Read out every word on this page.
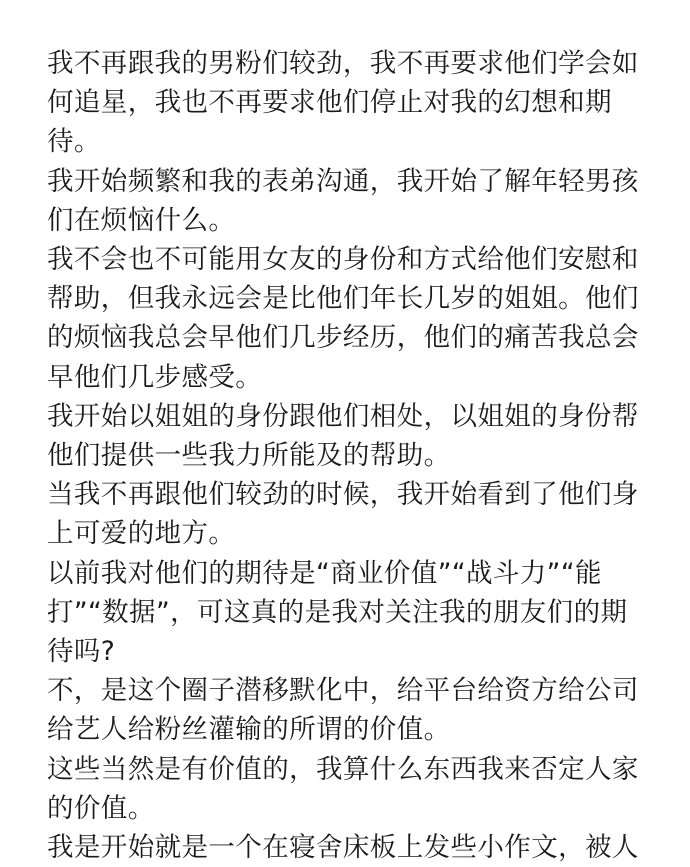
我不再跟我的男粉们较劲，我不再要求他们学会如
何追星，我也不再要求他们停止对我的幻想和期
待。

我开始频繁和我的表弟沟通，我开始了解年轻男孩
们在烦恼什么。

我不会也不可能用女友的身份和方式给他们安慰和
帮助，但我永远会是比他们年长几岁的姐姐。他们
的烦恼我总会早他们几步经历，他们的痛苦我总会
早他们几步感受。

我开始以姐姐的身份跟他们相处，以姐姐的身份帮
他们提供一些我力所能及的帮助。

当我不再跟他们较劲的时候，我开始看到了他们身
上可爱的地方。

以前我对他们的期待是“商业价值”“战斗力”“能
打”“数据”，可这真的是我对关注我的朋友们的期
待吗?

不，是这个圈子潜移默化中，给平台给资方给公司
给艺人给粉丝灌输的所谓的价值。

这些当然是有价值的，我算什么东西我来否定人家
的价值。

我是开始就是一个在寝舍床板上发些小作文，被人
